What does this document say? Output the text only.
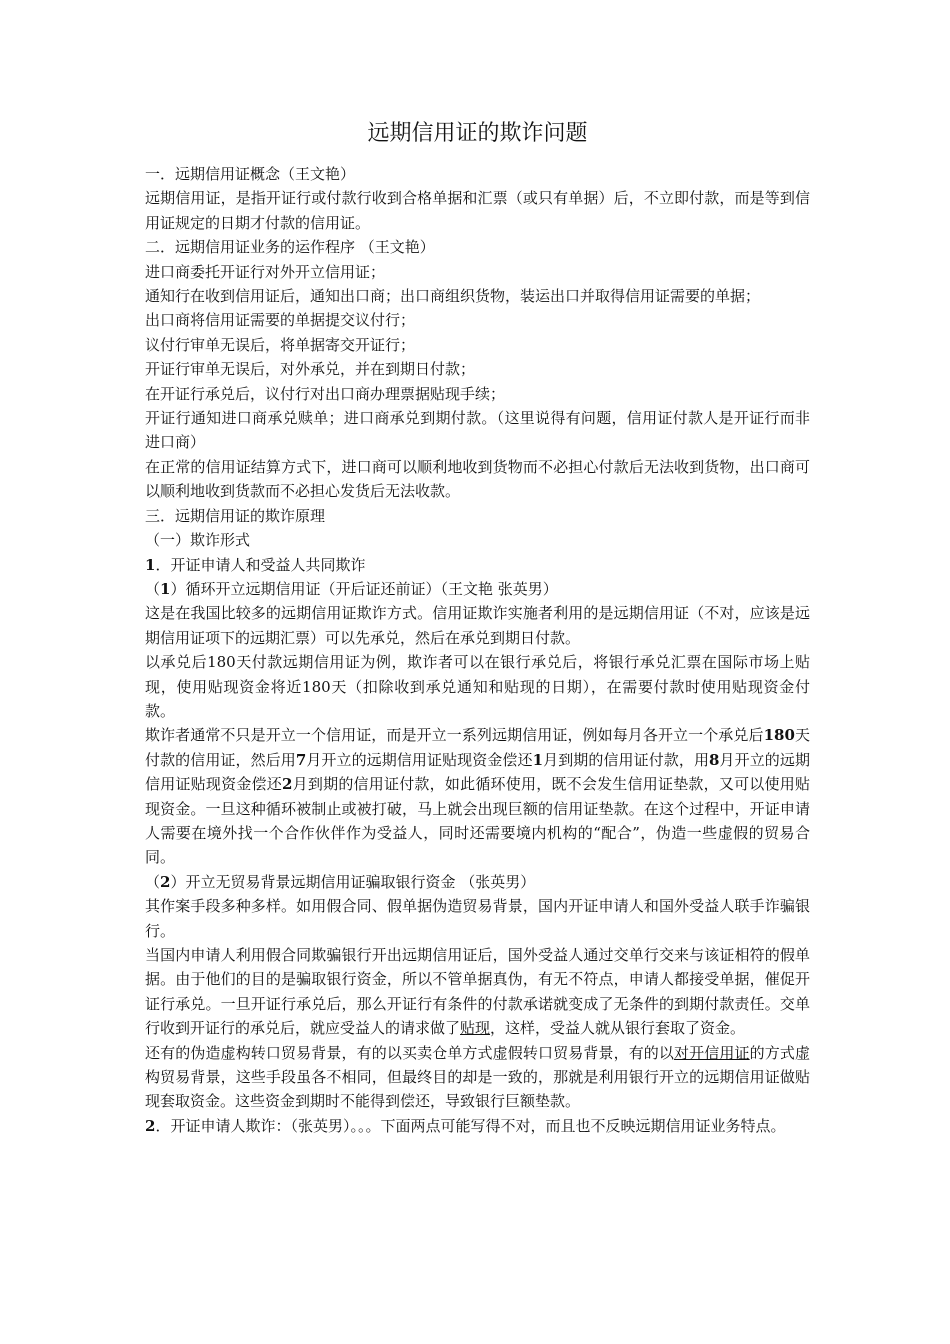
远期信用证的欺诈问题

一．远期信用证概念（王文艳）

远期信用证，是指开证行或付款行收到合格单据和汇票（或只有单据）后，不立即付款，而是等到信用证规定的日期才付款的信用证。

二．远期信用证业务的运作程序 （王文艳）

进口商委托开证行对外开立信用证；

通知行在收到信用证后，通知出口商；出口商组织货物，装运出口并取得信用证需要的单据；

出口商将信用证需要的单据提交议付行；

议付行审单无误后，将单据寄交开证行；

开证行审单无误后，对外承兑，并在到期日付款；

在开证行承兑后，议付行对出口商办理票据贴现手续；

开证行通知进口商承兑赎单；进口商承兑到期付款。（这里说得有问题，信用证付款人是开证行而非进口商）

在正常的信用证结算方式下，进口商可以顺利地收到货物而不必担心付款后无法收到货物，出口商可以顺利地收到货款而不必担心发货后无法收款。

三．远期信用证的欺诈原理

（一）欺诈形式

1．开证申请人和受益人共同欺诈

（1）循环开立远期信用证（开后证还前证）（王文艳 张英男）

这是在我国比较多的远期信用证欺诈方式。信用证欺诈实施者利用的是远期信用证（不对，应该是远期信用证项下的远期汇票）可以先承兑，然后在承兑到期日付款。

以承兑后180天付款远期信用证为例，欺诈者可以在银行承兑后，将银行承兑汇票在国际市场上贴现，使用贴现资金将近180天（扣除收到承兑通知和贴现的日期），在需要付款时使用贴现资金付款。

欺诈者通常不只是开立一个信用证，而是开立一系列远期信用证，例如每月各开立一个承兑后180天付款的信用证，然后用7月开立的远期信用证贴现资金偿还1月到期的信用证付款，用8月开立的远期信用证贴现资金偿还2月到期的信用证付款，如此循环使用，既不会发生信用证垫款，又可以使用贴现资金。一旦这种循环被制止或被打破，马上就会出现巨额的信用证垫款。在这个过程中，开证申请人需要在境外找一个合作伙伴作为受益人，同时还需要境内机构的“配合”，伪造一些虚假的贸易合同。

（2）开立无贸易背景远期信用证骗取银行资金 （张英男）

其作案手段多种多样。如用假合同、假单据伪造贸易背景，国内开证申请人和国外受益人联手诈骗银行。

当国内申请人利用假合同欺骗银行开出远期信用证后，国外受益人通过交单行交来与该证相符的假单据。由于他们的目的是骗取银行资金，所以不管单据真伪，有无不符点，申请人都接受单据，催促开证行承兑。一旦开证行承兑后，那么开证行有条件的付款承诺就变成了无条件的到期付款责任。交单行收到开证行的承兑后，就应受益人的请求做了贴现，这样，受益人就从银行套取了资金。

还有的伪造虚构转口贸易背景，有的以买卖仓单方式虚假转口贸易背景，有的以对开信用证的方式虚构贸易背景，这些手段虽各不相同，但最终目的却是一致的，那就是利用银行开立的远期信用证做贴现套取资金。这些资金到期时不能得到偿还，导致银行巨额垫款。

2．开证申请人欺诈：（张英男）。。。下面两点可能写得不对，而且也不反映远期信用证业务特点。
